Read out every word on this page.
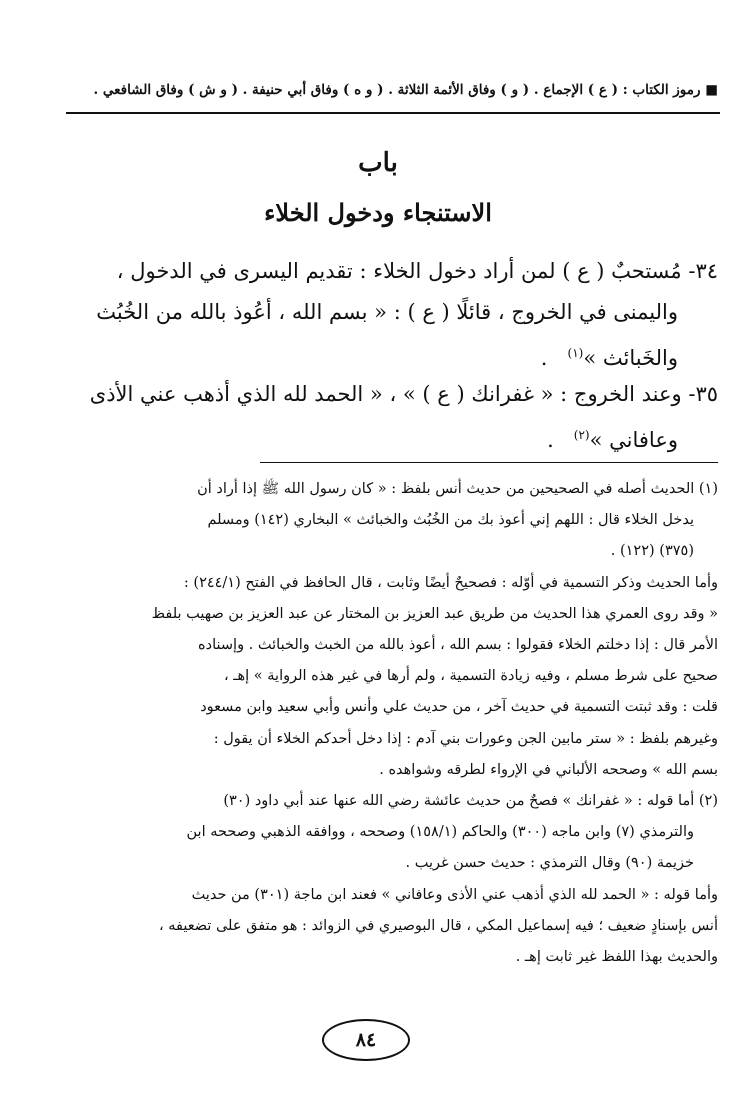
■ رموز الكتاب : ( ع ) الإجماع . ( و ) وفاق الأئمة الثلاثة . ( و ه ) وفاق أبي حنيفة . ( و ش ) وفاق الشافعي .
باب
الاستنجاء ودخول الخلاء

٣٤- مُستحبٌ ( ع ) لمن أراد دخول الخلاء : تقديم اليسرى في الدخول ،

واليمنى في الخروج ، قائلًا ( ع ) : « بسم الله ، أعُوذ بالله من الخُبُث

والخَبائث »$^{(١)}$   .

٣٥- وعند الخروج : « غفرانك ( ع ) » ، « الحمد لله الذي أذهب عني الأذى

وعافاني »$^{(٢)}$   .

(١) الحديث أصله في الصحيحين من حديث أنس بلفظ : « كان رسول الله ﷺ إذا أراد أن

يدخل الخلاء قال : اللهم إني أعوذ بك من الخُبُث والخبائث » البخاري (١٤٢) ومسلم

(٣٧٥) (١٢٢) .

وأما الحديث وذكر التسمية في أوّله : فصحيحٌ أيضًا وثابت ، قال الحافظ في الفتح (٢٤٤/١) :

« وقد روى العمري هذا الحديث من طريق عبد العزيز بن المختار عن عبد العزيز بن صهيب بلفظ

الأمر قال : إذا دخلتم الخلاء فقولوا : بسم الله ، أعوذ بالله من الخبث والخبائث . وإسناده

صحيح على شرط مسلم ، وفيه زيادة التسمية ، ولم أرها في غير هذه الرواية » إهـ ،

قلت : وقد ثبتت التسمية في حديث آخر ، من حديث علي وأنس وأبي سعيد وابن مسعود

وغيرهم بلفظ : « ستر مابين الجن وعورات بني آدم : إذا دخل أحدكم الخلاء أن يقول :

بسم الله » وصححه الألباني في الإرواء لطرقه وشواهده .

(٢) أما قوله : « غفرانك » فصحٌ من حديث عائشة رضي الله عنها عند أبي داود (٣٠)

والترمذي (٧) وابن ماجه (٣٠٠) والحاكم (١٥٨/١) وصححه ، ووافقه الذهبي وصححه ابن

خزيمة (٩٠) وقال الترمذي : حديث حسن غريب .

وأما قوله : « الحمد لله الذي أذهب عني الأذى وعافاني » فعند ابن ماجة (٣٠١) من حديث

أنس بإسنادٍ ضعيف ؛ فيه إسماعيل المكي ، قال البوصيري في الزوائد : هو متفق على تضعيفه ،

والحديث بهذا اللفظ غير ثابت إهـ .

٨٤
